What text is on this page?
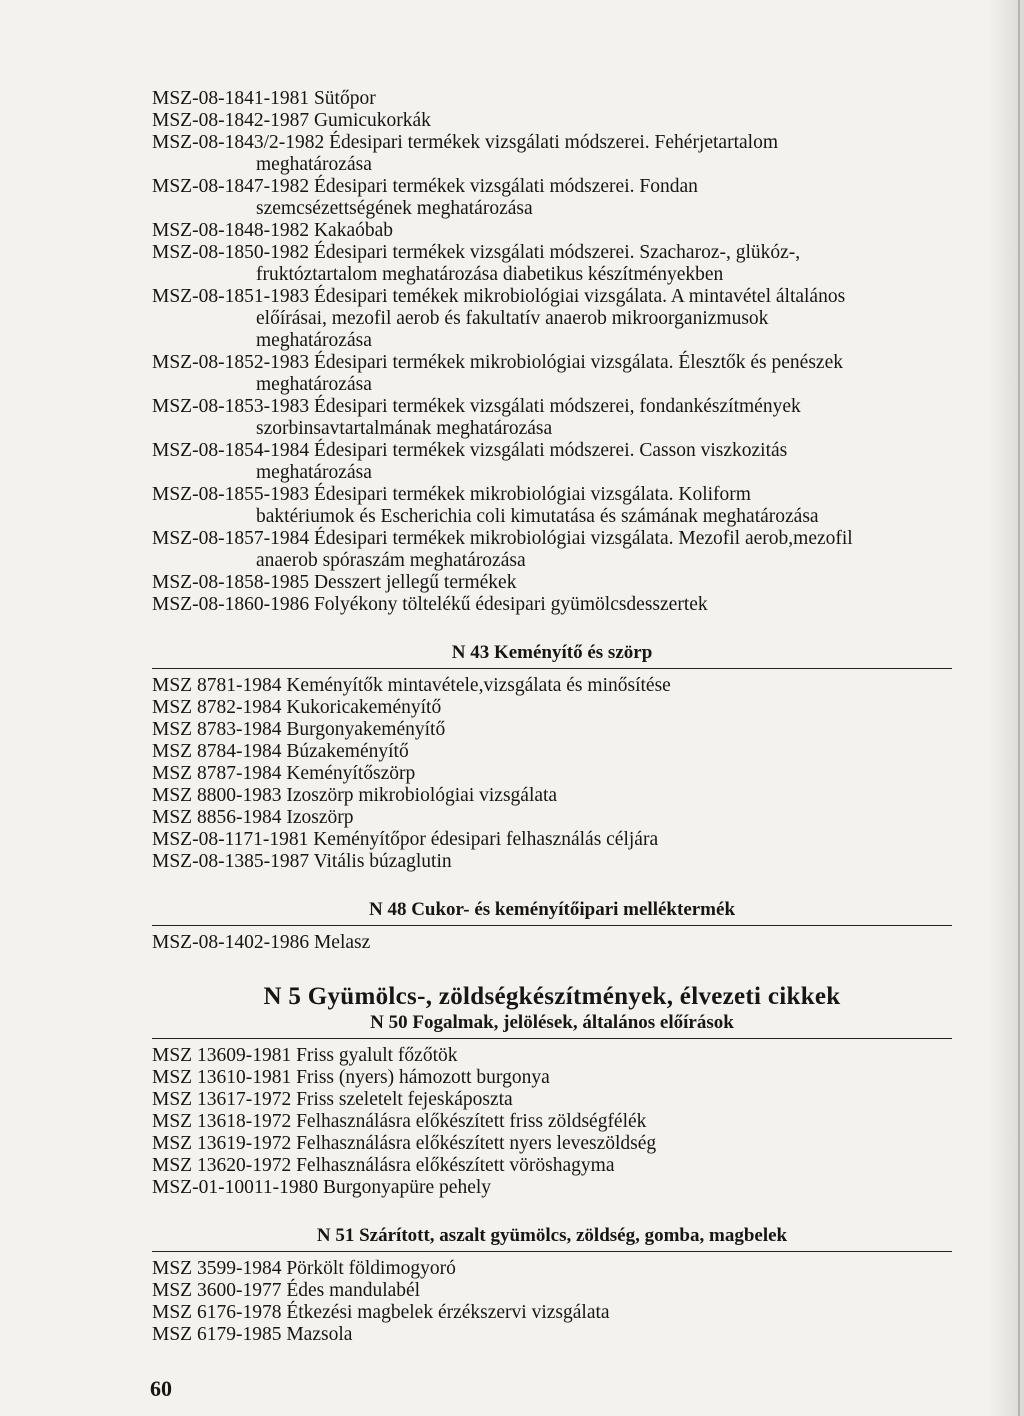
MSZ-08-1841-1981 Sütőpor

MSZ-08-1842-1987 Gumicukorkák

MSZ-08-1843/2-1982 Édesipari termékek vizsgálati módszerei. Fehérjetartalom
meghatározása

MSZ-08-1847-1982 Édesipari termékek vizsgálati módszerei. Fondan
szemcsézettségének meghatározása

MSZ-08-1848-1982 Kakaóbab

MSZ-08-1850-1982 Édesipari termékek vizsgálati módszerei. Szacharoz-, glükóz-,
fruktóztartalom meghatározása diabetikus készítményekben

MSZ-08-1851-1983 Édesipari temékek mikrobiológiai vizsgálata. A mintavétel általános
előírásai, mezofil aerob és fakultatív anaerob mikroorganizmusok
meghatározása

MSZ-08-1852-1983 Édesipari termékek mikrobiológiai vizsgálata. Élesztők és penészek
meghatározása

MSZ-08-1853-1983 Édesipari termékek vizsgálati módszerei, fondankészítmények
szorbinsavtartalmának meghatározása

MSZ-08-1854-1984 Édesipari termékek vizsgálati módszerei. Casson viszkozitás
meghatározása

MSZ-08-1855-1983 Édesipari termékek mikrobiológiai vizsgálata. Koliform
baktériumok és Escherichia coli kimutatása és számának meghatározása

MSZ-08-1857-1984 Édesipari termékek mikrobiológiai vizsgálata. Mezofil aerob,mezofil
anaerob spóraszám meghatározása

MSZ-08-1858-1985 Desszert jellegű termékek

MSZ-08-1860-1986 Folyékony töltelékű édesipari gyümölcsdesszertek

N 43 Keményítő és szörp

MSZ 8781-1984 Keményítők mintavétele,vizsgálata és minősítése

MSZ 8782-1984 Kukoricakeményítő

MSZ 8783-1984 Burgonyakeményítő

MSZ 8784-1984 Búzakeményítő

MSZ 8787-1984 Keményítőszörp

MSZ 8800-1983 Izoszörp mikrobiológiai vizsgálata

MSZ 8856-1984 Izoszörp

MSZ-08-1171-1981 Keményítőpor édesipari felhasználás céljára

MSZ-08-1385-1987 Vitális búzaglutin

N 48 Cukor- és keményítőipari melléktermék

MSZ-08-1402-1986 Melasz

N 5 Gyümölcs-, zöldségkészítmények, élvezeti cikkek
N 50 Fogalmak, jelölések, általános előírások

MSZ 13609-1981 Friss gyalult főzőtök

MSZ 13610-1981 Friss (nyers) hámozott burgonya

MSZ 13617-1972 Friss szeletelt fejeskáposzta

MSZ 13618-1972 Felhasználásra előkészített friss zöldségfélék

MSZ 13619-1972 Felhasználásra előkészített nyers leveszöldség

MSZ 13620-1972 Felhasználásra előkészített vöröshagyma

MSZ-01-10011-1980 Burgonyapüre pehely

N 51 Szárított, aszalt gyümölcs, zöldség, gomba, magbelek

MSZ 3599-1984 Pörkölt földimogyoró

MSZ 3600-1977 Édes mandulabél

MSZ 6176-1978 Étkezési magbelek érzékszervi vizsgálata

MSZ 6179-1985 Mazsola

60
